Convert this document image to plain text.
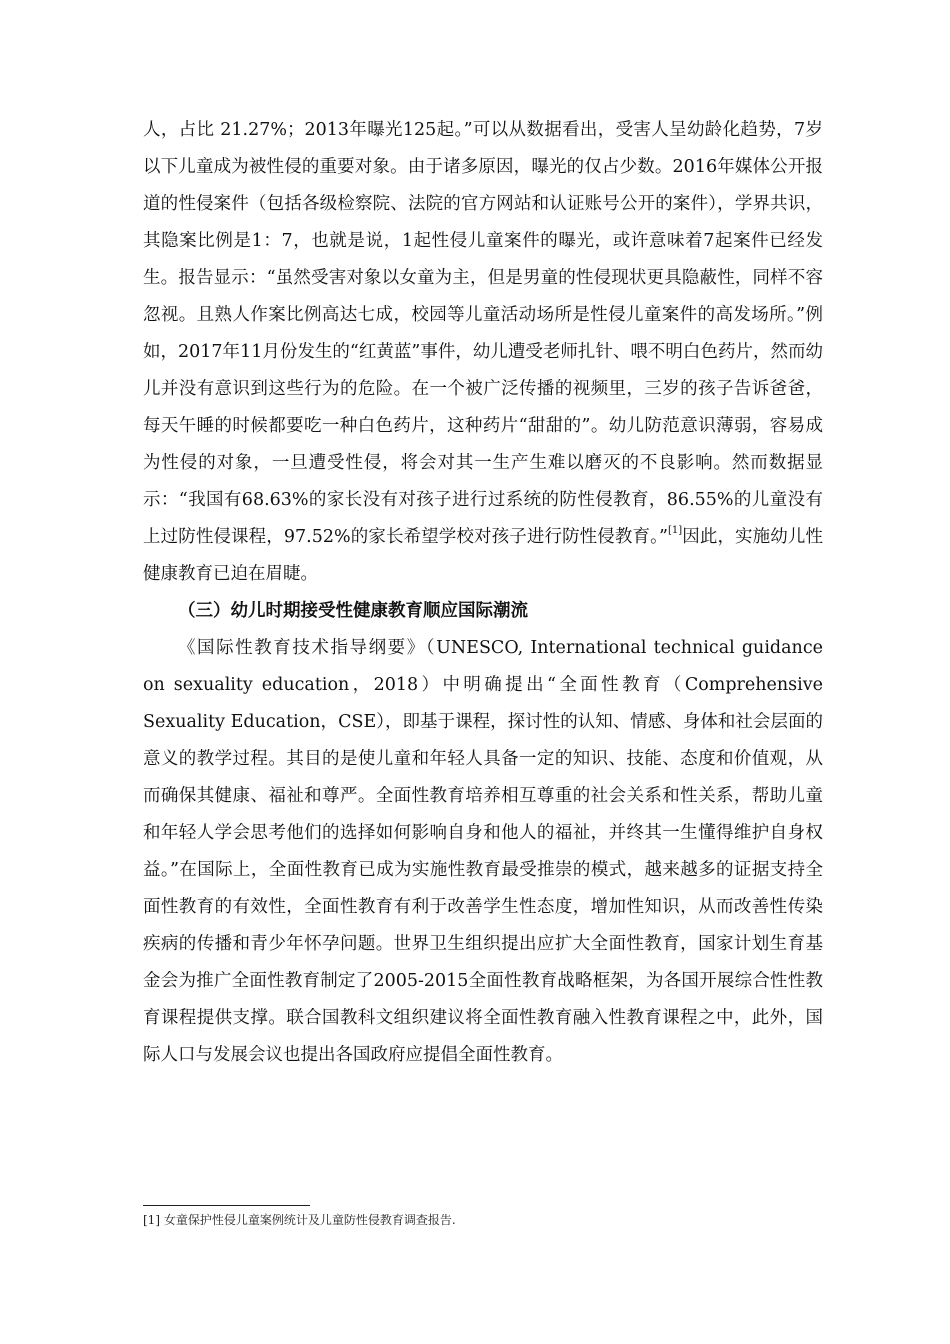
人，占比 21.27%；2013年曝光125起。”可以从数据看出，受害人呈幼龄化趋势，7岁以下儿童成为被性侵的重要对象。由于诸多原因，曝光的仅占少数。2016年媒体公开报道的性侵案件（包括各级检察院、法院的官方网站和认证账号公开的案件），学界共识，其隐案比例是1：7，也就是说，1起性侵儿童案件的曝光，或许意味着7起案件已经发生。报告显示：“虽然受害对象以女童为主，但是男童的性侵现状更具隐蔽性，同样不容忽视。且熟人作案比例高达七成，校园等儿童活动场所是性侵儿童案件的高发场所。”例如，2017年11月份发生的“红黄蓝”事件，幼儿遭受老师扎针、喂不明白色药片，然而幼儿并没有意识到这些行为的危险。在一个被广泛传播的视频里，三岁的孩子告诉爸爸，每天午睡的时候都要吃一种白色药片，这种药片“甜甜的”。幼儿防范意识薄弱，容易成为性侵的对象，一旦遭受性侵，将会对其一生产生难以磨灭的不良影响。然而数据显示：“我国有68.63%的家长没有对孩子进行过系统的防性侵教育，86.55%的儿童没有上过防性侵课程，97.52%的家长希望学校对孩子进行防性侵教育。”[1]因此，实施幼儿性健康教育已迫在眉睫。

（三）幼儿时期接受性健康教育顺应国际潮流

《国际性教育技术指导纲要》（UNESCO, International technical guidance on sexuality education，2018）中明确提出“全面性教育（Comprehensive Sexuality Education，CSE），即基于课程，探讨性的认知、情感、身体和社会层面的意义的教学过程。其目的是使儿童和年轻人具备一定的知识、技能、态度和价值观，从而确保其健康、福祉和尊严。全面性教育培养相互尊重的社会关系和性关系，帮助儿童和年轻人学会思考他们的选择如何影响自身和他人的福祉，并终其一生懂得维护自身权益。”在国际上，全面性教育已成为实施性教育最受推崇的模式，越来越多的证据支持全面性教育的有效性，全面性教育有利于改善学生性态度，增加性知识，从而改善性传染疾病的传播和青少年怀孕问题。世界卫生组织提出应扩大全面性教育，国家计划生育基金会为推广全面性教育制定了2005-2015全面性教育战略框架，为各国开展综合性性教育课程提供支撑。联合国教科文组织建议将全面性教育融入性教育课程之中，此外，国际人口与发展会议也提出各国政府应提倡全面性教育。

[1] 女童保护性侵儿童案例统计及儿童防性侵教育调查报告.
